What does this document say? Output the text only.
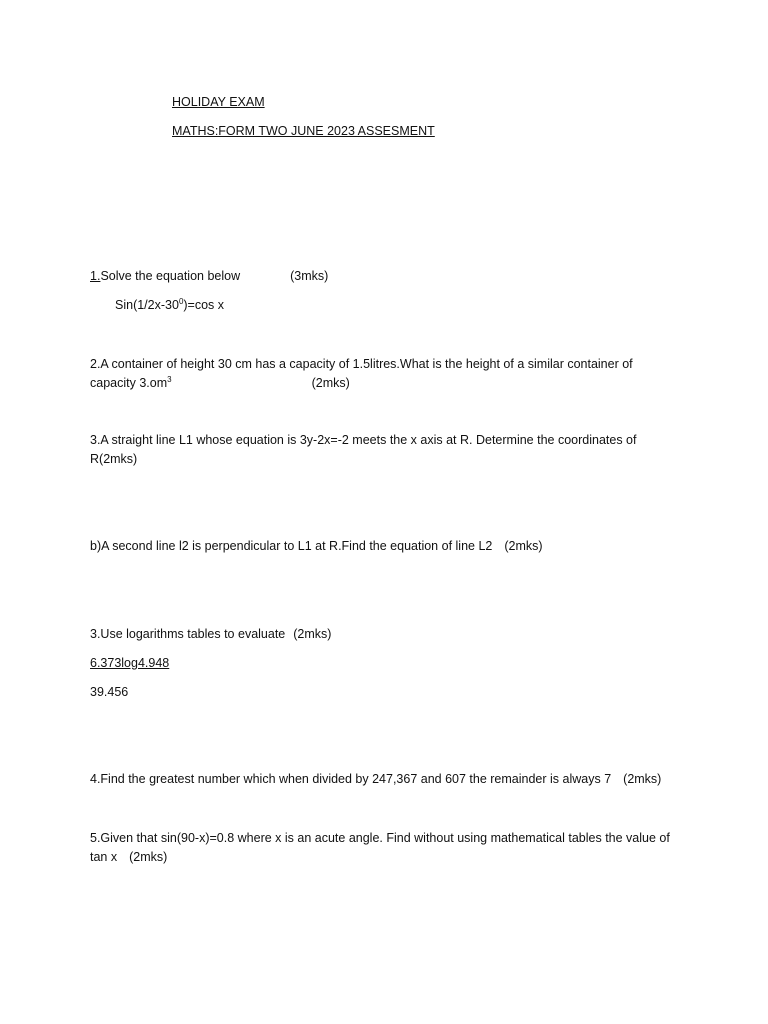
HOLIDAY EXAM
MATHS:FORM TWO JUNE 2023 ASSESMENT
1.Solve the equation below	(3mks)
$Sin(1/2x-30^0)=\cos$ x
2.A container of height 30 cm has a capacity of 1.5litres.What is the height of a similar container of
capacity $3.om^3$	(2mks)
3.A straight line L1 whose equation is 3y-2x=-2 meets the x axis at R. Determine the coordinates of
R(2mks)
b)A second line l2 is perpendicular to L1 at R.Find the equation of line L2 (2mks)
3.Use logarithms tables to evaluate (2mks)
6.373log4.948
39.456
4.Find the greatest number which when divided by 247,367 and 607 the remainder is always 7 (2mks)
5.Given that sin(90-x)=0.8 where x is an acute angle. Find without using mathematical tables the value of
tan x (2mks)
